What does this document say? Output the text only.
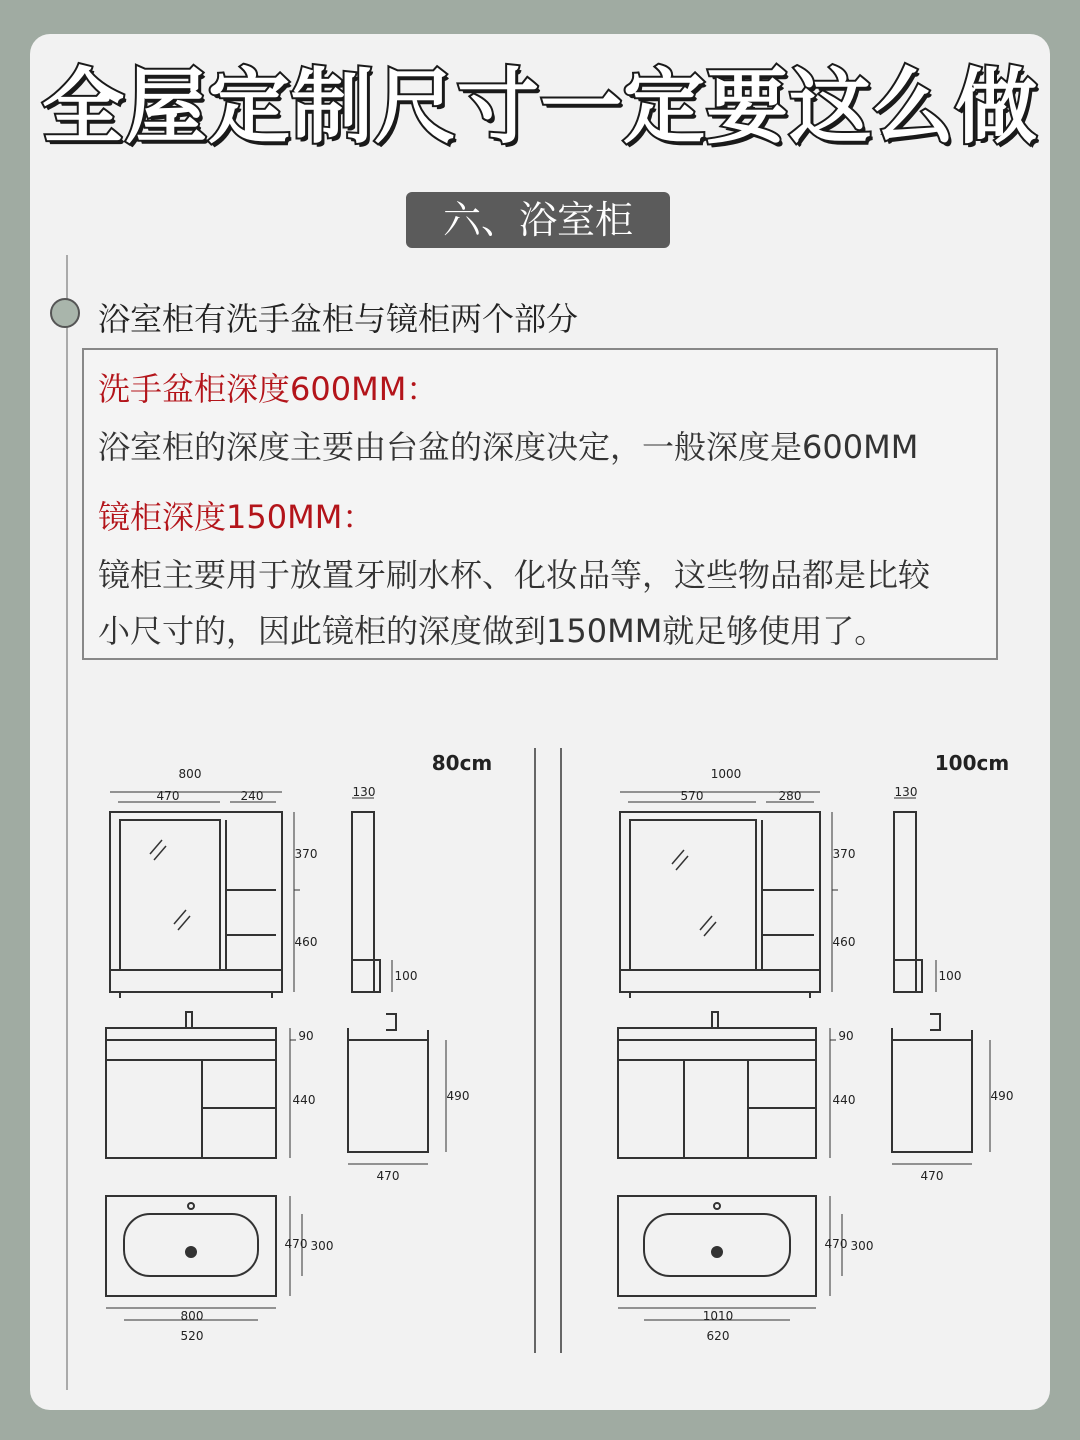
全屋定制尺寸一定要这么做
六、浴室柜
浴室柜有洗手盆柜与镜柜两个部分
洗手盆柜深度600MM：
浴室柜的深度主要由台盆的深度决定，一般深度是600MM
镜柜深度150MM：
镜柜主要用于放置牙刷水杯、化妆品等，这些物品都是比较
小尺寸的，因此镜柜的深度做到150MM就足够使用了。
800
470	240
370
460
130
100
90
440	490
470
470 300
800
520
80cm	1000
570	280
370
460
130
100
90
440	490
470
470 300
1010
620
100cm
